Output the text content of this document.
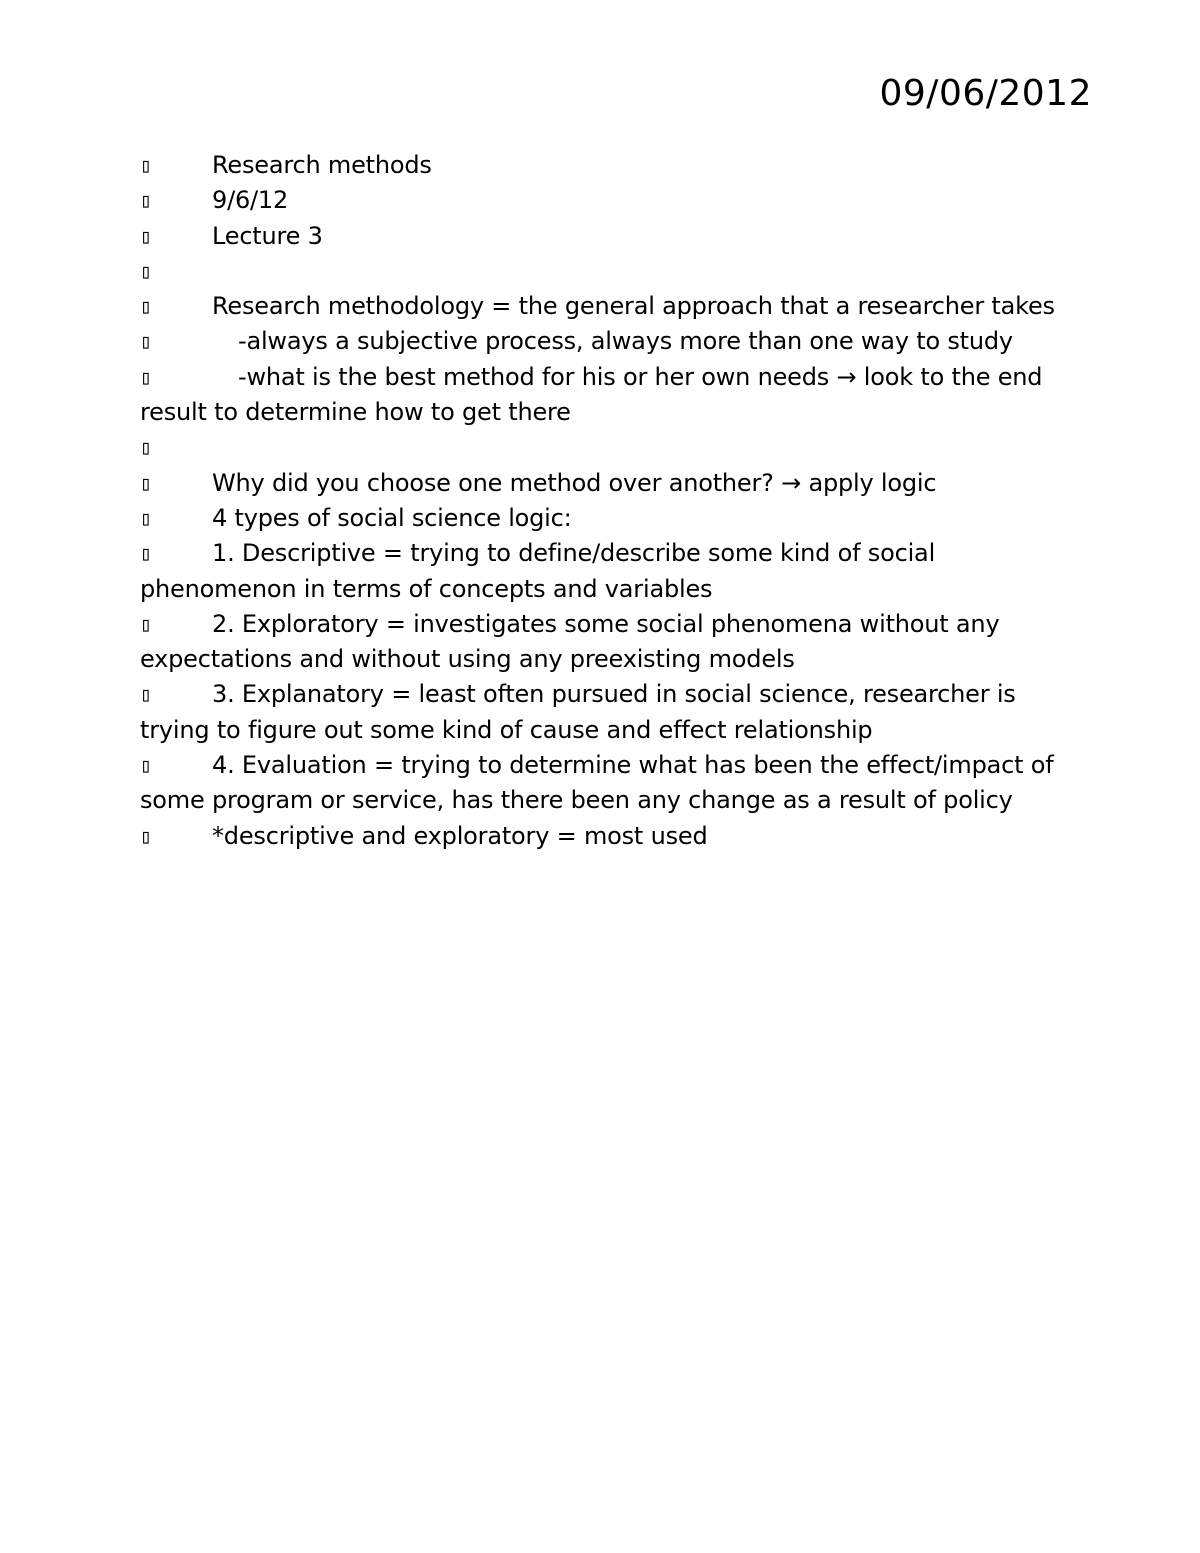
09/06/2012
▯	Research methods
▯	9/6/12
▯	Lecture 3
▯
▯	Research methodology = the general approach that a researcher takes
▯	-always a subjective process, always more than one way to study
▯	-what is the best method for his or her own needs → look to the end result to determine how to get there
▯
▯	Why did you choose one method over another? → apply logic
▯	4 types of social science logic:
▯	1. Descriptive = trying to define/describe some kind of social phenomenon in terms of concepts and variables
▯	2. Exploratory = investigates some social phenomena without any expectations and without using any preexisting models
▯	3. Explanatory = least often pursued in social science, researcher is trying to figure out some kind of cause and effect relationship
▯	4. Evaluation = trying to determine what has been the effect/impact of some program or service, has there been any change as a result of policy
▯	*descriptive and exploratory = most used
